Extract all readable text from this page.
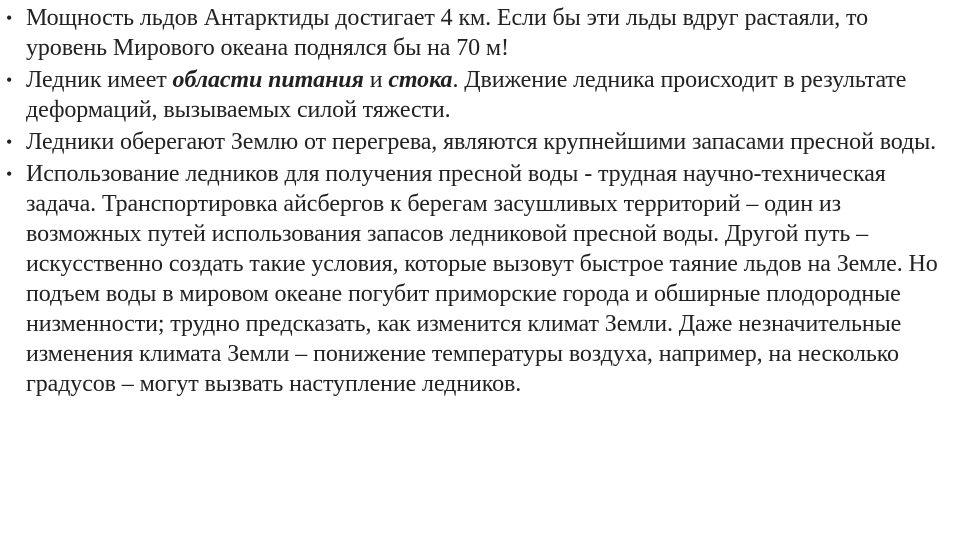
• Мощность льдов Антарктиды достигает 4 км. Если бы эти льды вдруг растаяли, то уровень Мирового океана поднялся бы на 70 м!
• Ледник имеет области питания и стока. Движение ледника происходит в результате деформаций, вызываемых силой тяжести.
• Ледники оберегают Землю от перегрева, являются крупнейшими запасами пресной воды.
• Использование ледников для получения пресной воды - трудная научно-техническая задача. Транспортировка айсбергов к берегам засушливых территорий – один из возможных путей использования запасов ледниковой пресной воды. Другой путь – искусственно создать такие условия, которые вызовут быстрое таяние льдов на Земле. Но подъем воды в мировом океане погубит приморские города и обширные плодородные низменности; трудно предсказать, как изменится климат Земли. Даже незначительные изменения климата Земли – понижение температуры воздуха, например, на несколько градусов – могут вызвать наступление ледников.
